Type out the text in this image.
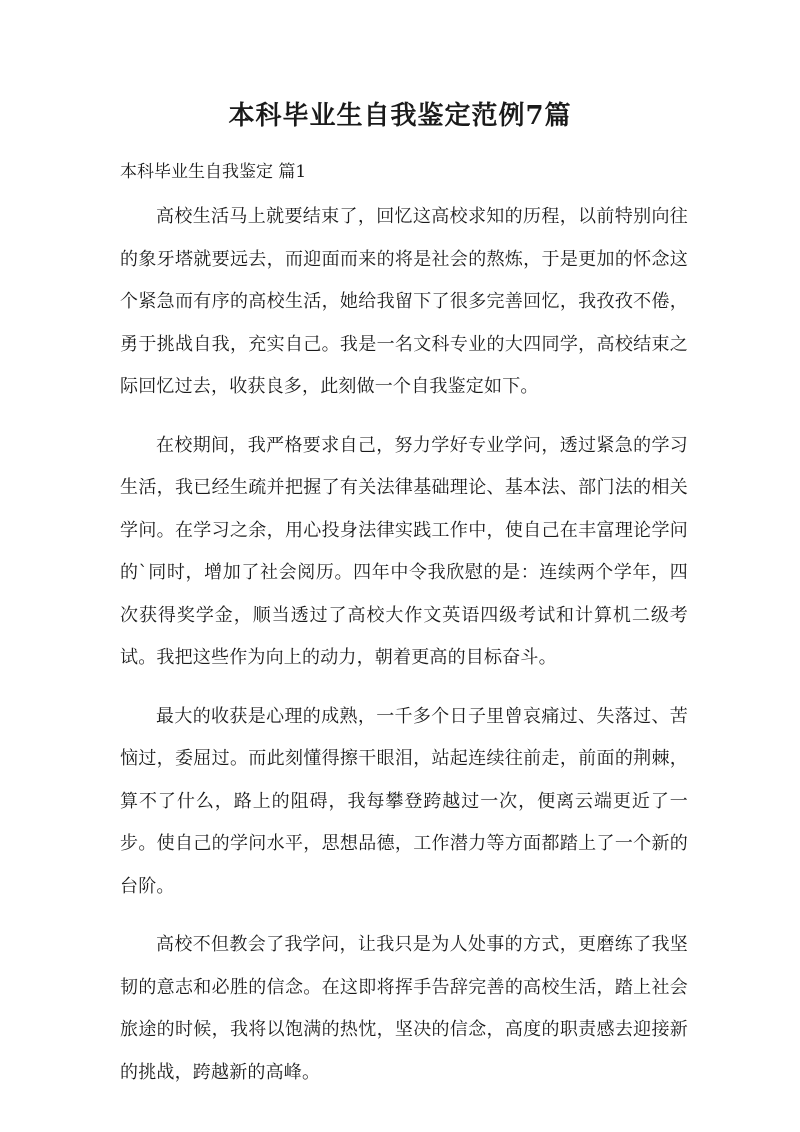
本科毕业生自我鉴定范例7篇

本科毕业生自我鉴定 篇1

高校生活马上就要结束了，回忆这高校求知的历程，以前特别向往的象牙塔就要远去，而迎面而来的将是社会的熬炼，于是更加的怀念这个紧急而有序的高校生活，她给我留下了很多完善回忆，我孜孜不倦，勇于挑战自我，充实自己。我是一名文科专业的大四同学，高校结束之际回忆过去，收获良多，此刻做一个自我鉴定如下。

在校期间，我严格要求自己，努力学好专业学问，透过紧急的学习生活，我已经生疏并把握了有关法律基础理论、基本法、部门法的相关学问。在学习之余，用心投身法律实践工作中，使自己在丰富理论学问的`同时，增加了社会阅历。四年中令我欣慰的是：连续两个学年，四次获得奖学金，顺当透过了高校大作文英语四级考试和计算机二级考试。我把这些作为向上的动力，朝着更高的目标奋斗。

最大的收获是心理的成熟，一千多个日子里曾哀痛过、失落过、苦恼过，委屈过。而此刻懂得擦干眼泪，站起连续往前走，前面的荆棘，算不了什么，路上的阻碍，我每攀登跨越过一次，便离云端更近了一步。使自己的学问水平，思想品德，工作潜力等方面都踏上了一个新的台阶。

高校不但教会了我学问，让我只是为人处事的方式，更磨练了我坚韧的意志和必胜的信念。在这即将挥手告辞完善的高校生活，踏上社会旅途的时候，我将以饱满的热忱，坚决的信念，高度的职责感去迎接新的挑战，跨越新的高峰。
